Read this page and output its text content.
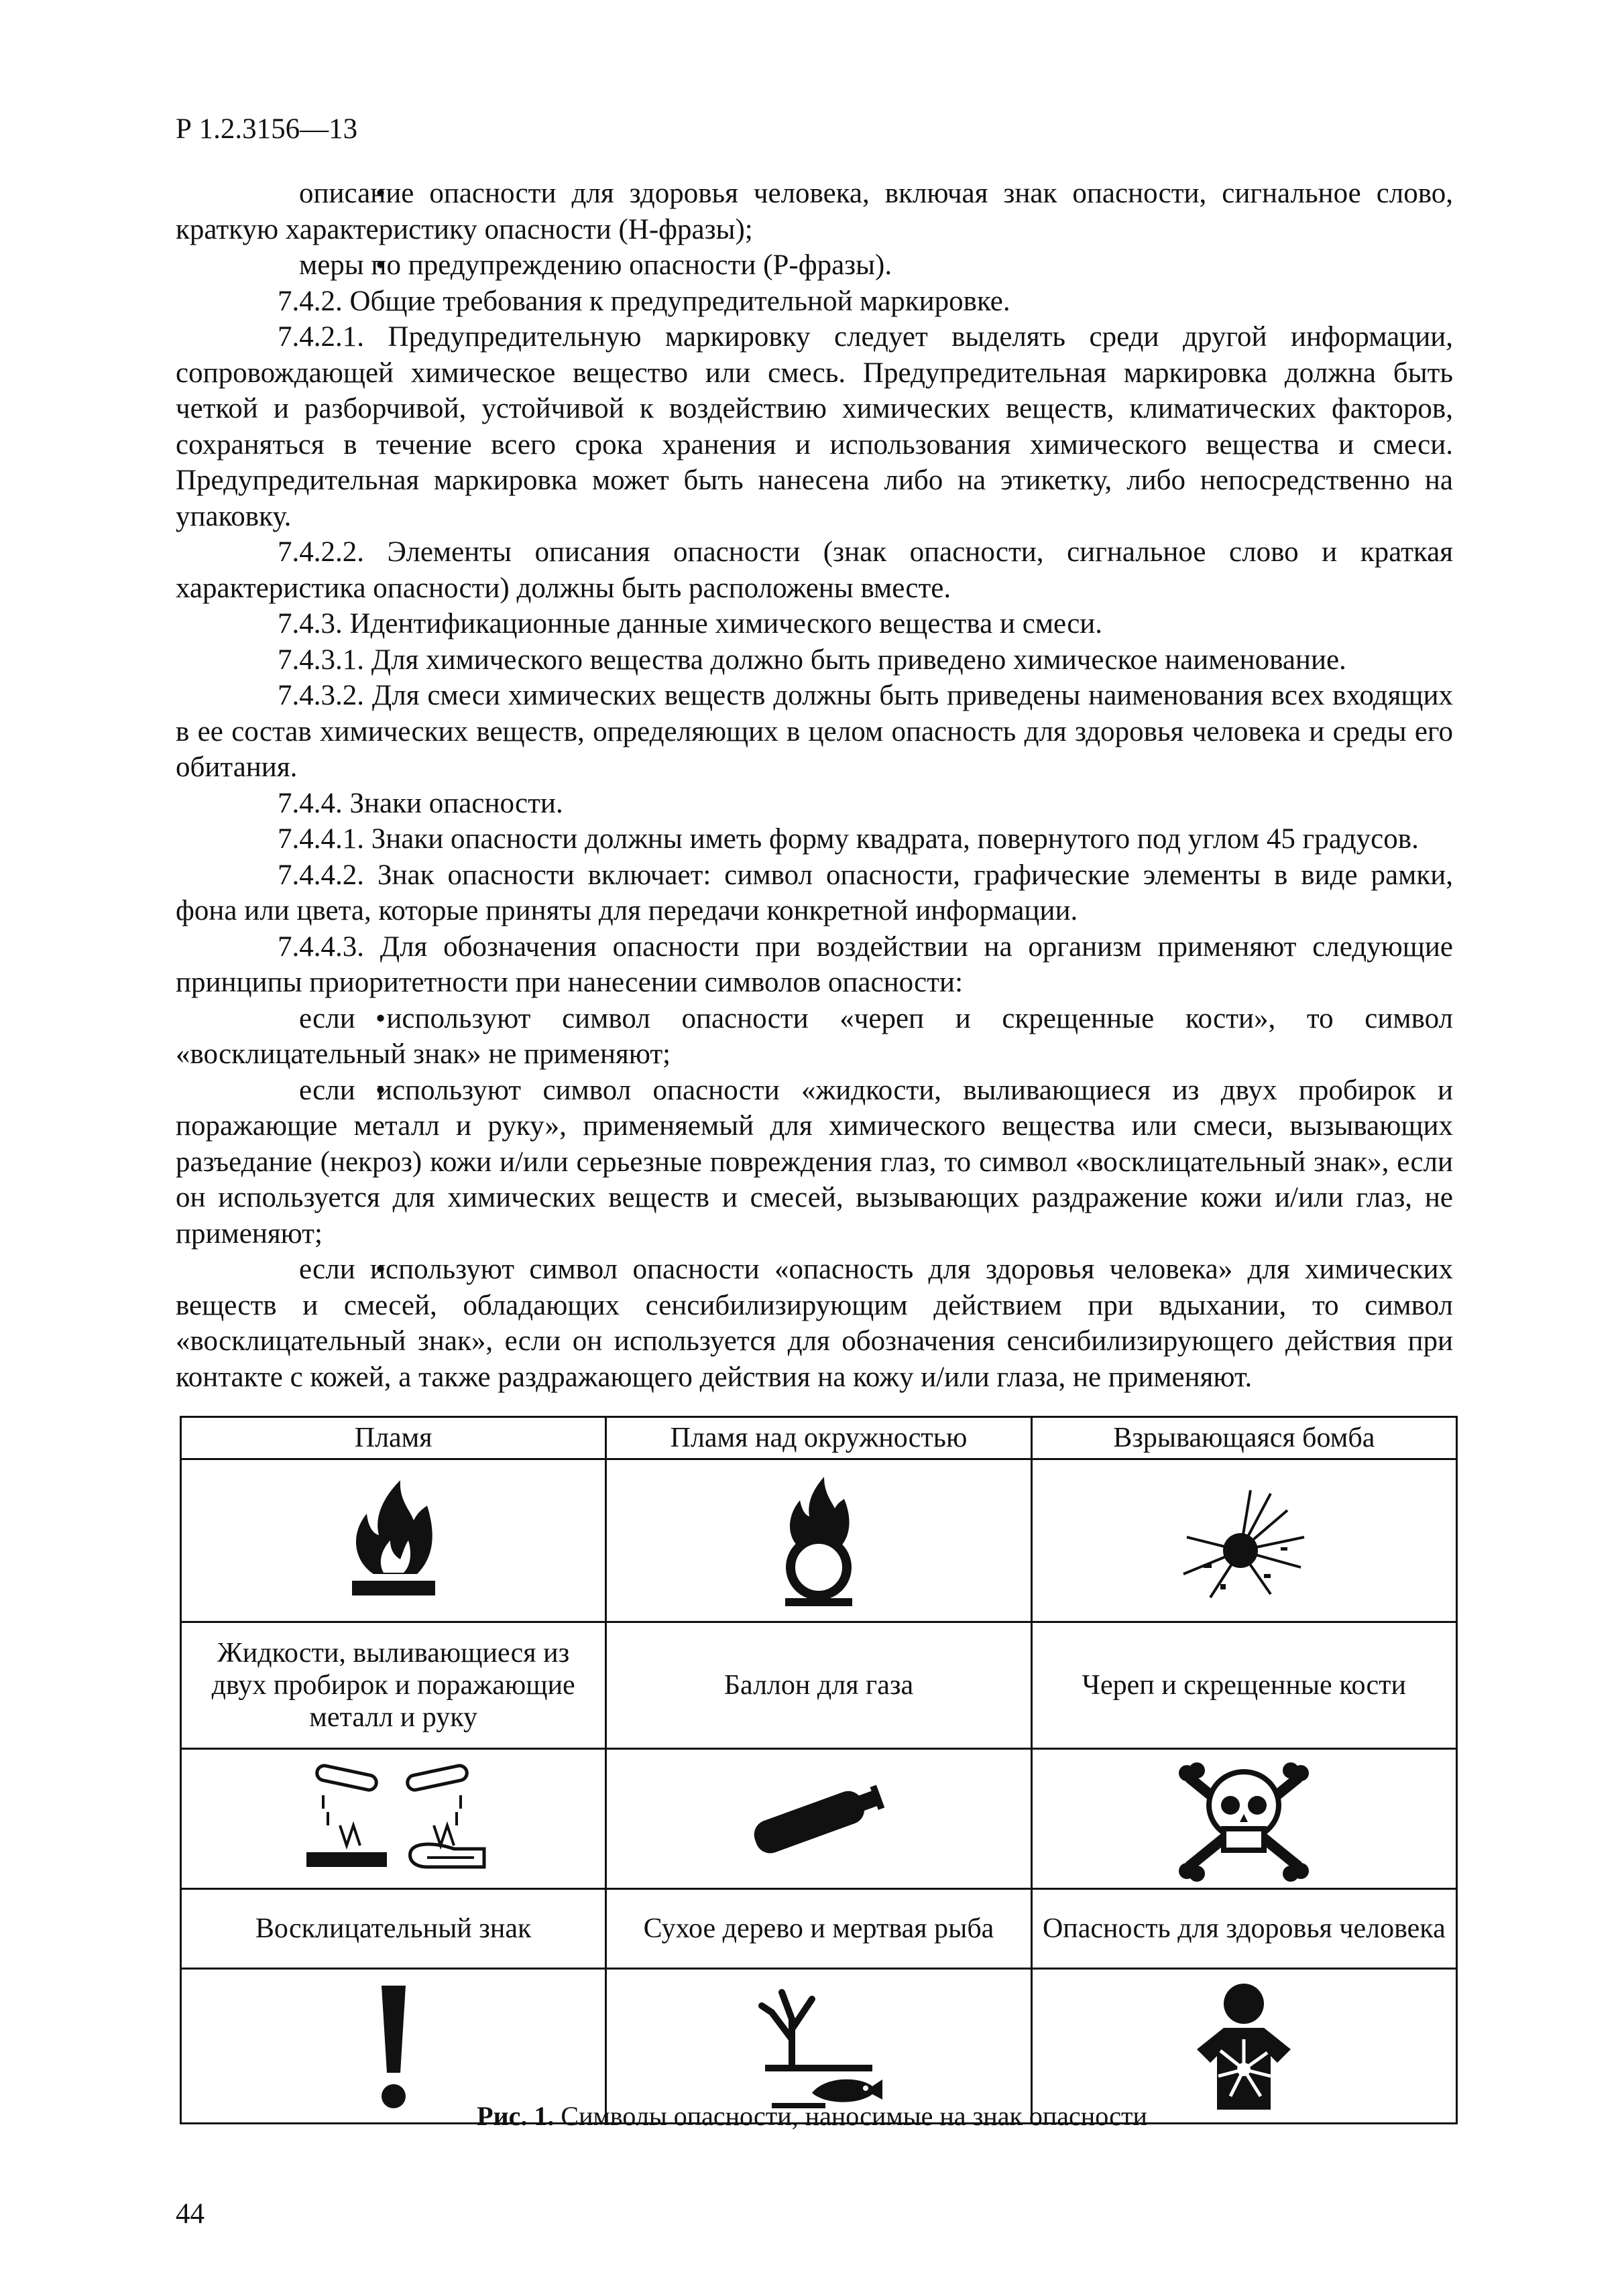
Р 1.2.3156—13

• описание опасности для здоровья человека, включая знак опасности, сигнальное слово, краткую характеристику опасности (Н-фразы);

• меры по предупреждению опасности (Р-фразы).

7.4.2. Общие требования к предупредительной маркировке.

7.4.2.1. Предупредительную маркировку следует выделять среди другой информации, сопровождающей химическое вещество или смесь. Предупредительная маркировка должна быть четкой и разборчивой, устойчивой к воздействию химических веществ, климатических факторов, сохраняться в течение всего срока хранения и использования химического вещества и смеси. Предупредительная маркировка может быть нанесена либо на этикетку, либо непосредственно на упаковку.

7.4.2.2. Элементы описания опасности (знак опасности, сигнальное слово и краткая характеристика опасности) должны быть расположены вместе.

7.4.3. Идентификационные данные химического вещества и смеси.

7.4.3.1. Для химического вещества должно быть приведено химическое наименование.

7.4.3.2. Для смеси химических веществ должны быть приведены наименования всех входящих в ее состав химических веществ, определяющих в целом опасность для здоровья человека и среды его обитания.

7.4.4. Знаки опасности.

7.4.4.1. Знаки опасности должны иметь форму квадрата, повернутого под углом 45 градусов.

7.4.4.2. Знак опасности включает: символ опасности, графические элементы в виде рамки, фона или цвета, которые приняты для передачи конкретной информации.

7.4.4.3. Для обозначения опасности при воздействии на организм применяют следующие принципы приоритетности при нанесении символов опасности:

• если используют символ опасности «череп и скрещенные кости», то символ «восклицательный знак» не применяют;

• если используют символ опасности «жидкости, выливающиеся из двух пробирок и поражающие металл и руку», применяемый для химического вещества или смеси, вызывающих разъедание (некроз) кожи и/или серьезные повреждения глаз, то символ «восклицательный знак», если он используется для химических веществ и смесей, вызывающих раздражение кожи и/или глаз, не применяют;

• если используют символ опасности «опасность для здоровья человека» для химических веществ и смесей, обладающих сенсибилизирующим действием при вдыхании, то символ «восклицательный знак», если он используется для обозначения сенсибилизирующего действия при контакте с кожей, а также раздражающего действия на кожу и/или глаза, не применяют.

Пламя	Пламя над окружностью	Взрывающаяся бомба

Жидкости, выливающиеся из двух пробирок и поражающие металл и руку	Баллон для газа	Череп и скрещенные кости

Восклицательный знак	Сухое дерево и мертвая рыба	Опасность для здоровья человека

Рис. 1. Символы опасности, наносимые на знак опасности
44
